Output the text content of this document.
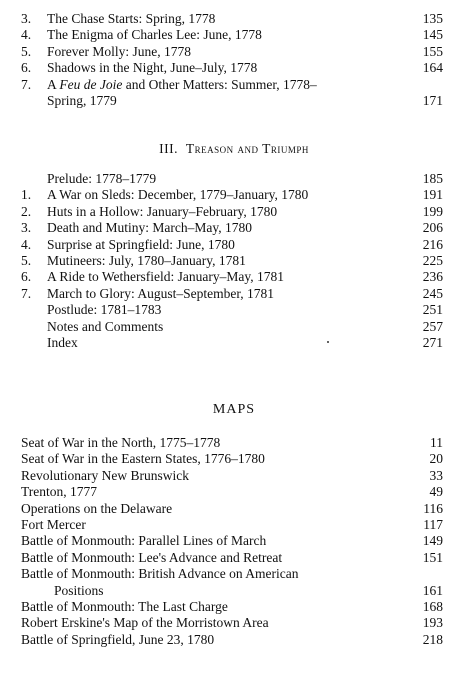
3.	The Chase Starts: Spring, 1778	135
4.	The Enigma of Charles Lee: June, 1778	145
5.	Forever Molly: June, 1778	155
6.	Shadows in the Night, June–July, 1778	164
7.	A Feu de Joie and Other Matters: Summer, 1778–
Spring, 1779	171
III. Treason and Triumph
Prelude: 1778–1779	185
1.	A War on Sleds: December, 1779–January, 1780	191
2.	Huts in a Hollow: January–February, 1780	199
3.	Death and Mutiny: March–May, 1780	206
4.	Surprise at Springfield: June, 1780	216
5.	Mutineers: July, 1780–January, 1781	225
6.	A Ride to Wethersfield: January–May, 1781	236
7.	March to Glory: August–September, 1781	245
Postlude: 1781–1783	251
Notes and Comments	257
Index	271
MAPS
Seat of War in the North, 1775–1778	11
Seat of War in the Eastern States, 1776–1780	20
Revolutionary New Brunswick	33
Trenton, 1777	49
Operations on the Delaware	116
Fort Mercer	117
Battle of Monmouth: Parallel Lines of March	149
Battle of Monmouth: Lee's Advance and Retreat	151
Battle of Monmouth: British Advance on American
Positions	161
Battle of Monmouth: The Last Charge	168
Robert Erskine's Map of the Morristown Area	193
Battle of Springfield, June 23, 1780	218
